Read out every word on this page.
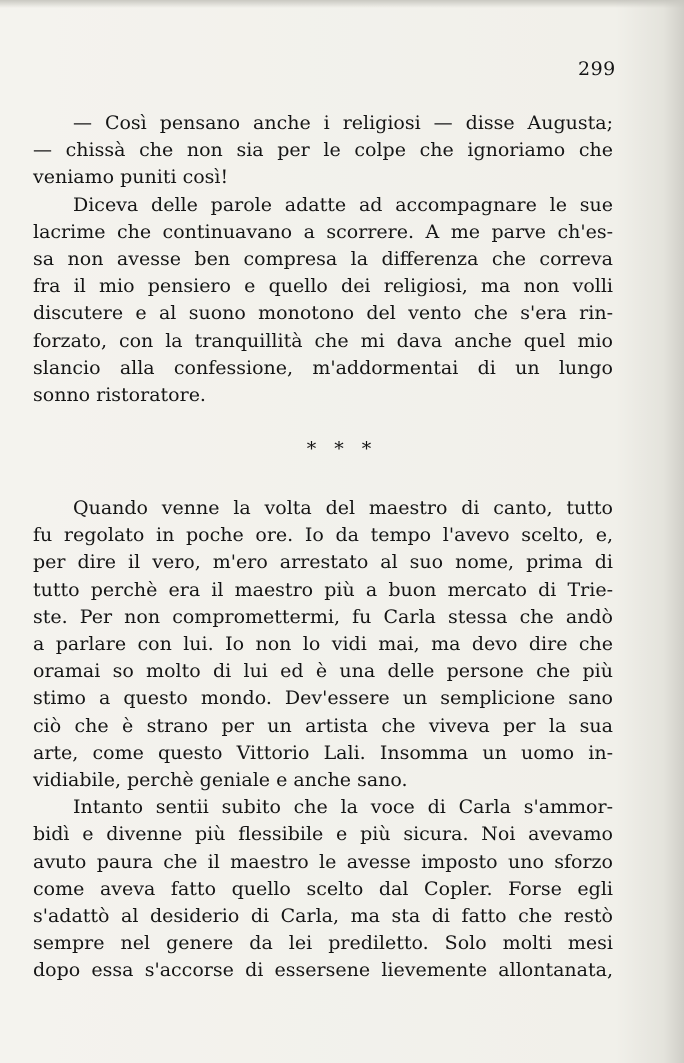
299

— Così pensano anche i religiosi — disse Augusta;
— chissà che non sia per le colpe che ignoriamo che
veniamo puniti così!

Diceva delle parole adatte ad accompagnare le sue
lacrime che continuavano a scorrere. A me parve ch'es-
sa non avesse ben compresa la differenza che correva
fra il mio pensiero e quello dei religiosi, ma non volli
discutere e al suono monotono del vento che s'era rin-
forzato, con la tranquillità che mi dava anche quel mio
slancio alla confessione, m'addormentai di un lungo
sonno ristoratore.

* * *

Quando venne la volta del maestro di canto, tutto
fu regolato in poche ore. Io da tempo l'avevo scelto, e,
per dire il vero, m'ero arrestato al suo nome, prima di
tutto perchè era il maestro più a buon mercato di Trie-
ste. Per non compromettermi, fu Carla stessa che andò
a parlare con lui. Io non lo vidi mai, ma devo dire che
oramai so molto di lui ed è una delle persone che più
stimo a questo mondo. Dev'essere un semplicione sano
ciò che è strano per un artista che viveva per la sua
arte, come questo Vittorio Lali. Insomma un uomo in-
vidiabile, perchè geniale e anche sano.

Intanto sentii subito che la voce di Carla s'ammor-
bidì e divenne più flessibile e più sicura. Noi avevamo
avuto paura che il maestro le avesse imposto uno sforzo
come aveva fatto quello scelto dal Copler. Forse egli
s'adattò al desiderio di Carla, ma sta di fatto che restò
sempre nel genere da lei prediletto. Solo molti mesi
dopo essa s'accorse di essersene lievemente allontanata,
